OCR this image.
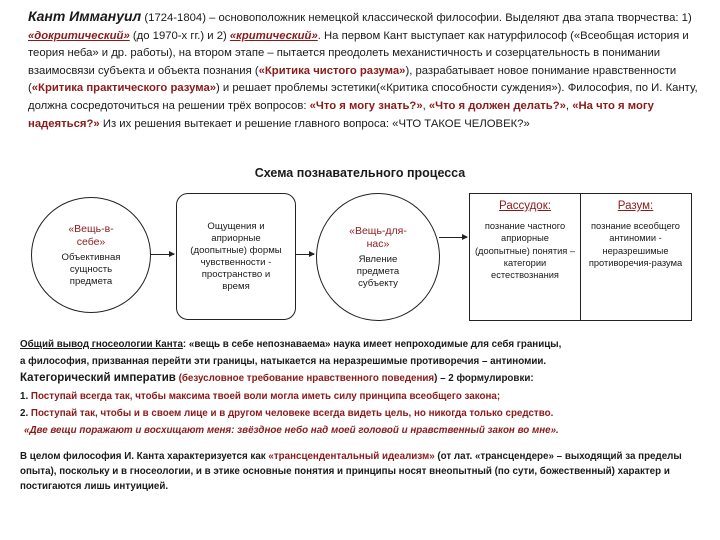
Кант Иммануил (1724-1804) – основоположник немецкой классической философии. Выделяют два этапа творчества: 1) «докритический» (до 1970-х гг.) и 2) «критический». На первом Кант выступает как натурфилософ («Всеобщая история и теория неба» и др. работы), на втором этапе – пытается преодолеть механистичность и созерцательность в понимании взаимосвязи субъекта и объекта познания («Критика чистого разума»), разрабатывает новое понимание нравственности («Критика практического разума») и решает проблемы эстетики(«Критика способности суждения»). Философия, по И. Канту, должна сосредоточиться на решении трёх вопросов: «Что я могу знать?», «Что я должен делать?», «На что я могу надеяться?» Из их решения вытекает и решение главного вопроса: «ЧТО ТАКОЕ ЧЕЛОВЕК?»
Схема познавательного процесса
«Вещь-в-себе»
Объективная сущность предмета
Ощущения и априорные (доопытные) формы чувственности - пространство и время
«Вещь-для-нас»
Явление предмета субъекту
Рассудок:
познание частного априорные (доопытные) понятия – категории естествознания
Разум:
познание всеобщего антиномии - неразрешимые противоречия-разума

Общий вывод гносеологии Канта: «вещь в себе непознаваема» наука имеет непроходимые для себя границы,

а философия, призванная перейти эти границы, натыкается на неразрешимые противоречия – антиномии.

Категорический императив (безусловное требование нравственного поведения) – 2 формулировки:

1. Поступай всегда так, чтобы максима твоей воли могла иметь силу принципа всеобщего закона;

2. Поступай так, чтобы и в своем лице и в другом человеке всегда видеть цель, но никогда только средство.

«Две вещи поражают и восхищают меня: звёздное небо над моей головой и нравственный закон во мне».

В целом философия И. Канта характеризуется как «трансцендентальный идеализм» (от лат. «трансцендере» – выходящий за пределы опыта), поскольку и в гносеологии, и в этике основные понятия и принципы носят внеопытный (по сути, божественный) характер и постигаются лишь интуицией.
